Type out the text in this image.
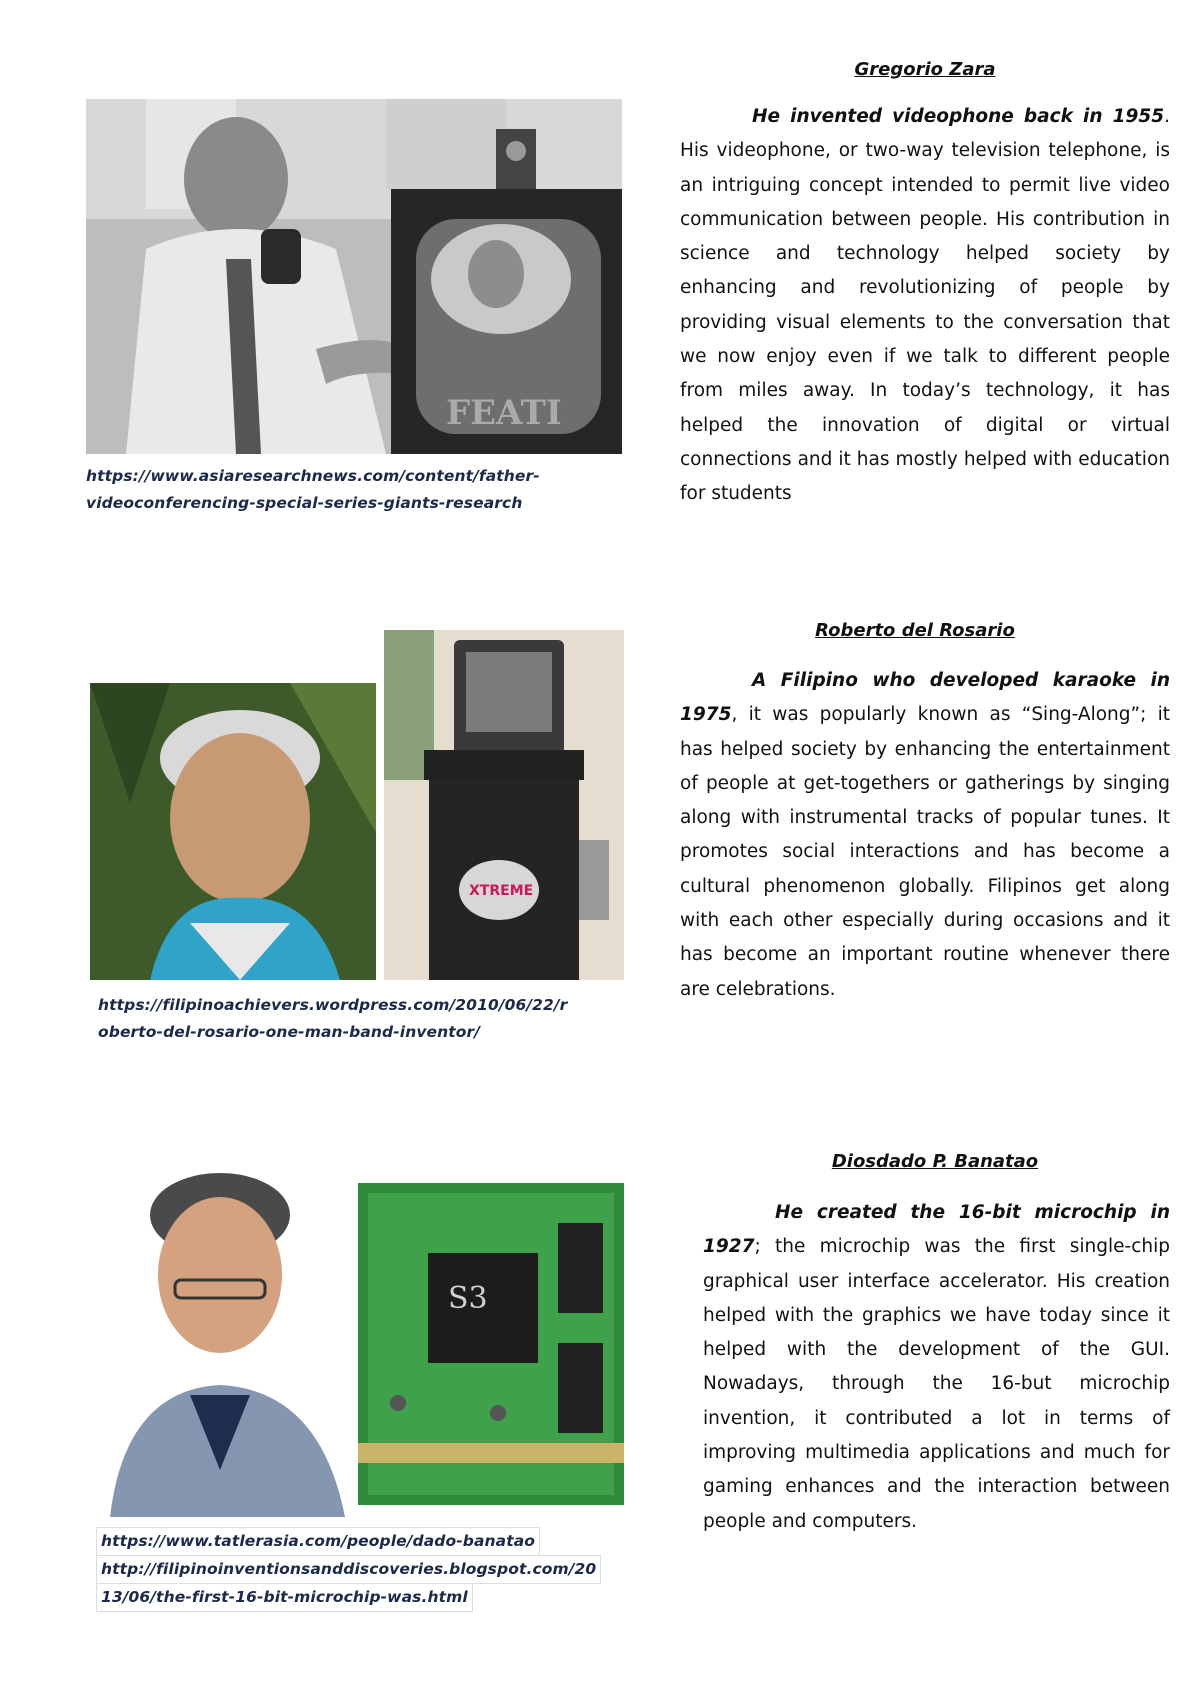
FEATI
https://www.asiaresearchnews.com/content/father-
videoconferencing-special-series-giants-research
Gregorio Zara
He invented videophone back in 1955. His videophone, or two-way television telephone, is an intriguing concept intended to permit live video communication between people. His contribution in science and technology helped society by enhancing and revolutionizing of people by providing visual elements to the conversation that we now enjoy even if we talk to different people from miles away. In today’s technology, it has helped the innovation of digital or virtual connections and it has mostly helped with education for students
XTREME
https://filipinoachievers.wordpress.com/2010/06/22/r
oberto-del-rosario-one-man-band-inventor/
Roberto del Rosario
A Filipino who developed karaoke in 1975, it was popularly known as “Sing-Along”; it has helped society by enhancing the entertainment of people at get-togethers or gatherings by singing along with instrumental tracks of popular tunes. It promotes social interactions and has become a cultural phenomenon globally. Filipinos get along with each other especially during occasions and it has become an important routine whenever there are celebrations.
S3
https://www.tatlerasia.com/people/dado-banatao
http://filipinoinventionsanddiscoveries.blogspot.com/20
13/06/the-first-16-bit-microchip-was.html
Diosdado P. Banatao
He created the 16-bit microchip in 1927; the microchip was the first single-chip graphical user interface accelerator. His creation helped with the graphics we have today since it helped with the development of the GUI. Nowadays, through the 16-but microchip invention, it contributed a lot in terms of improving multimedia applications and much for gaming enhances and the interaction between people and computers.
